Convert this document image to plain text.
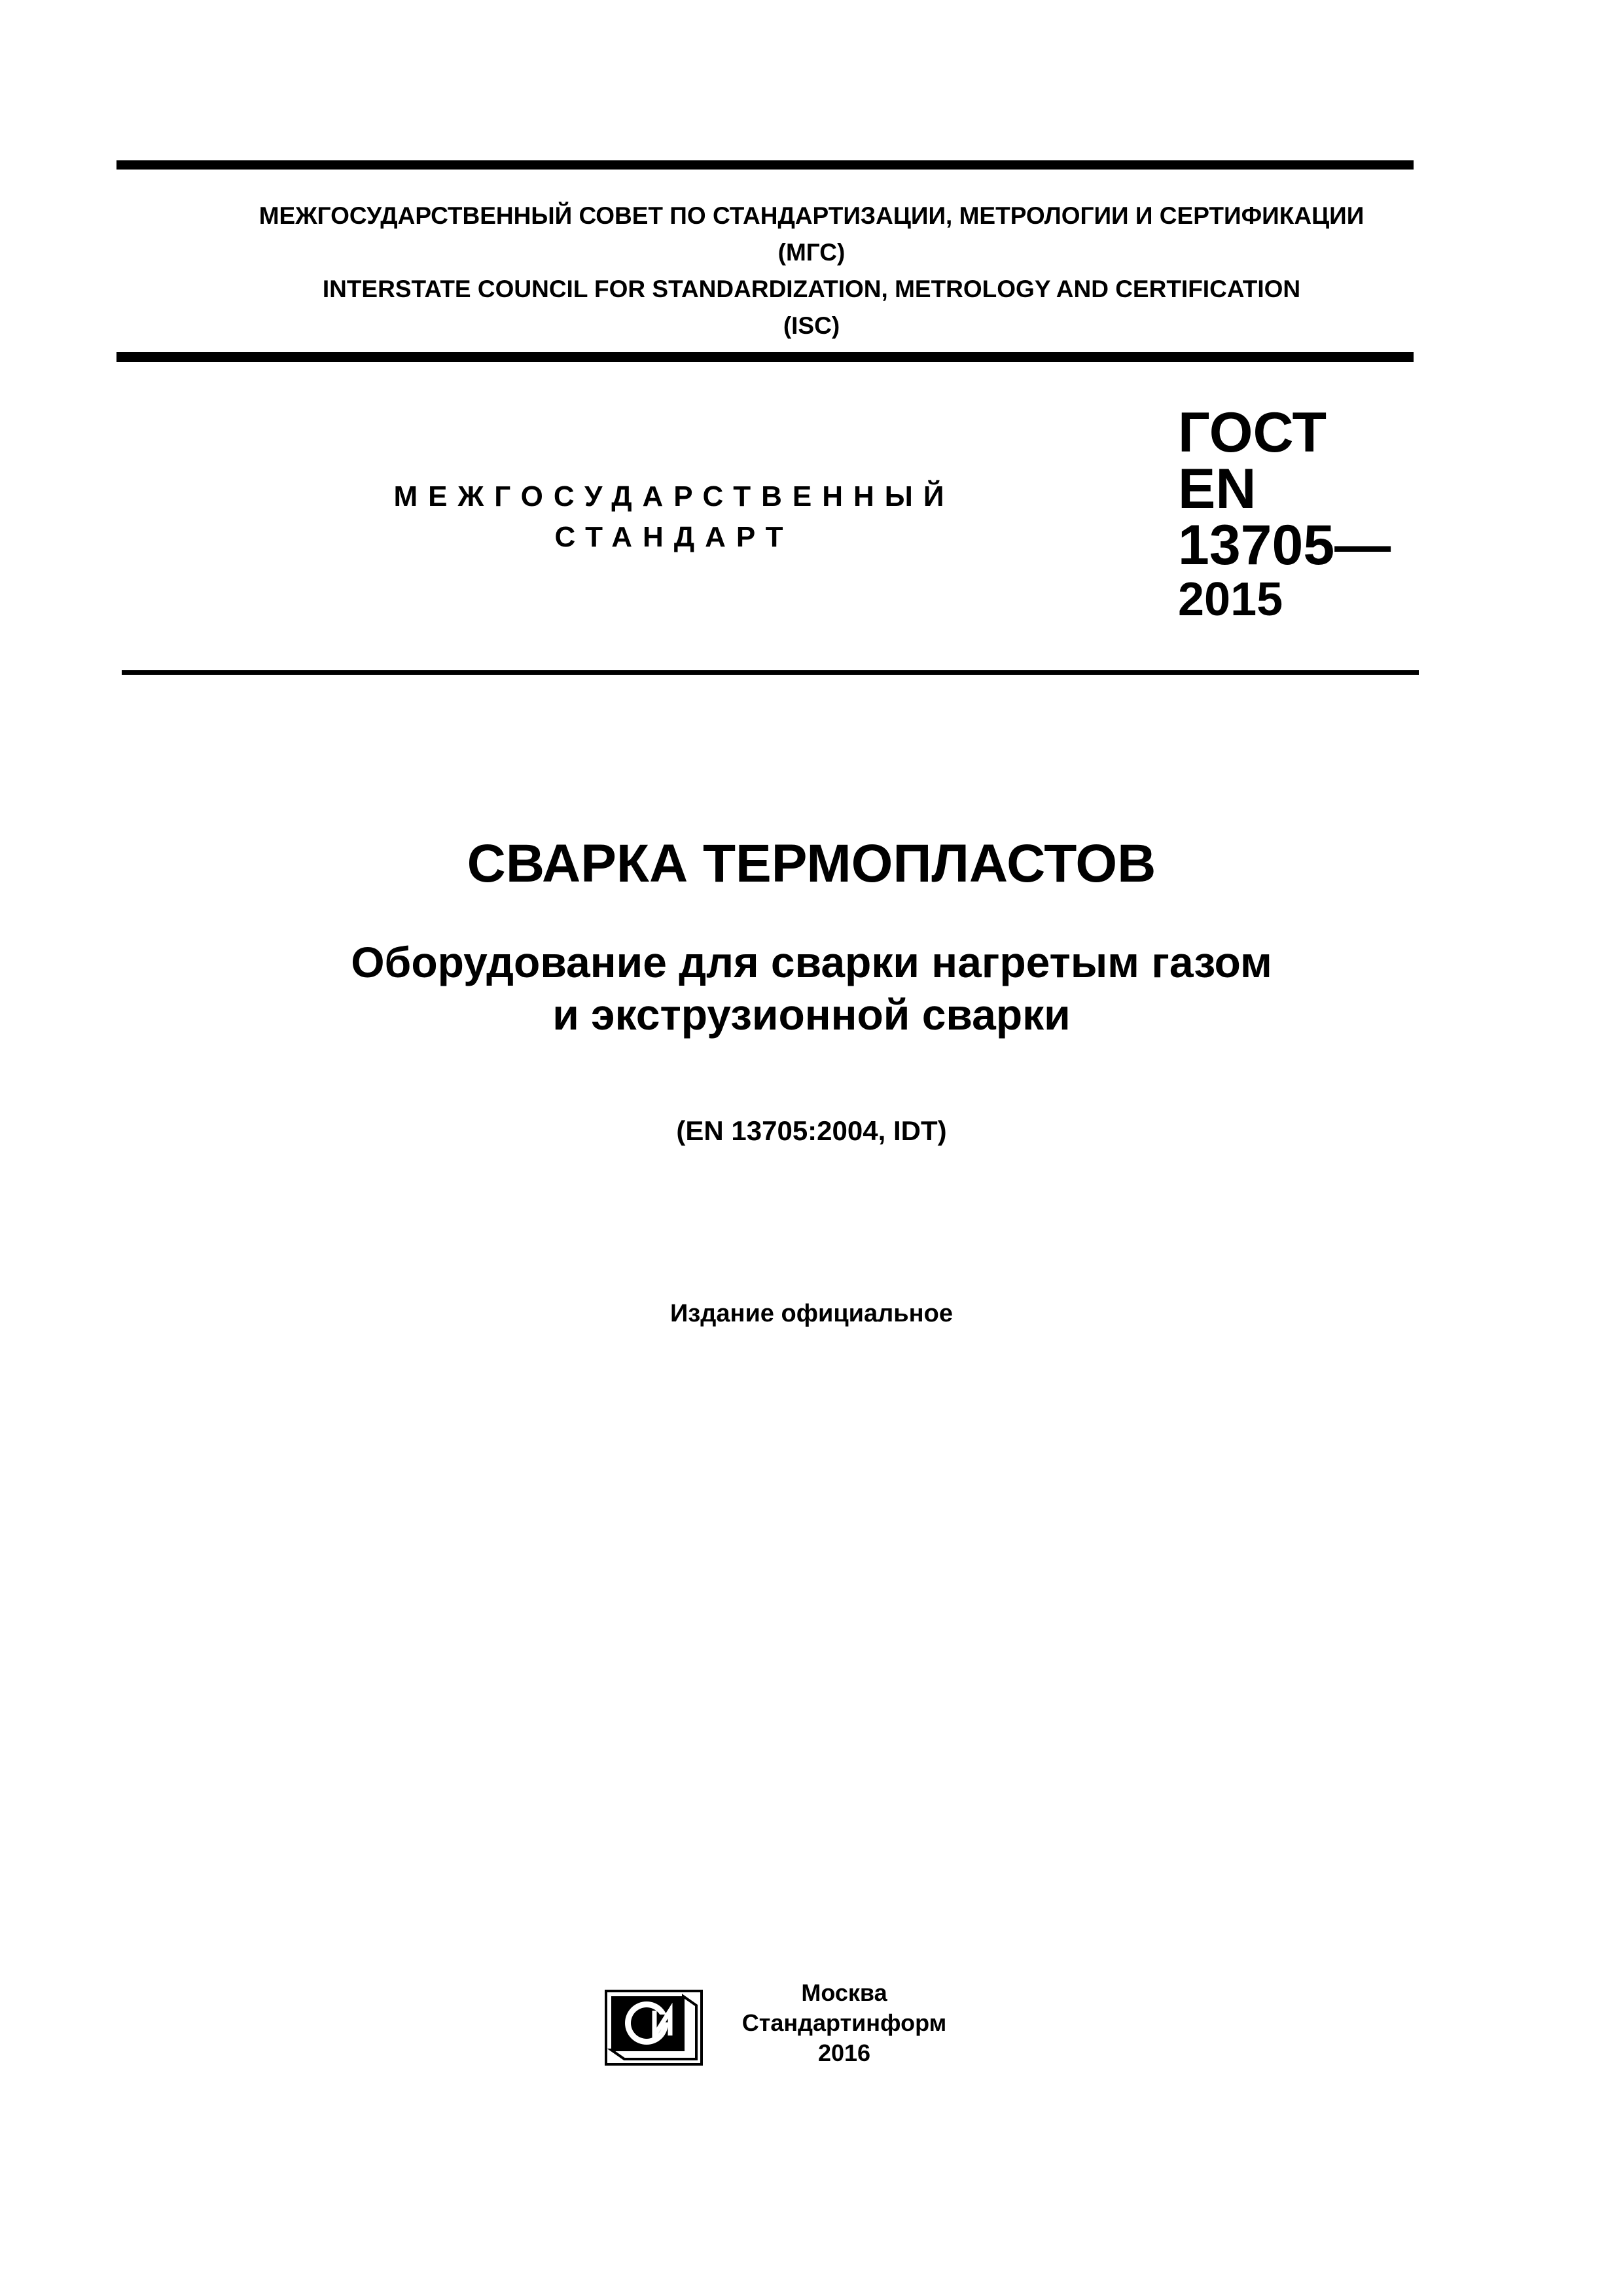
МЕЖГОСУДАРСТВЕННЫЙ СОВЕТ ПО СТАНДАРТИЗАЦИИ, МЕТРОЛОГИИ И СЕРТИФИКАЦИИ
(МГС)
INTERSTATE COUNCIL FOR STANDARDIZATION, METROLOGY AND CERTIFICATION
(ISC)
МЕЖГОСУДАРСТВЕННЫЙ
СТАНДАРТ
ГОСТ
EN
13705—
2015
СВАРКА ТЕРМОПЛАСТОВ
Оборудование для сварки нагретым газом
и экструзионной сварки
(EN 13705:2004, IDT)
Издание официальное
Москва
Стандартинформ
2016
